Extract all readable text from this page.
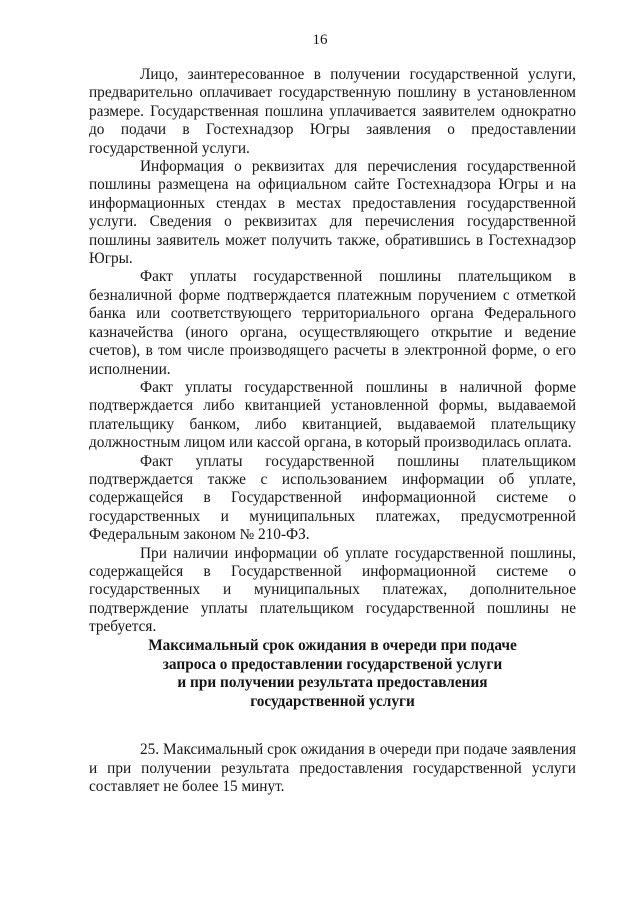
16

Лицо, заинтересованное в получении государственной услуги, предварительно оплачивает государственную пошлину в установленном размере. Государственная пошлина уплачивается заявителем однократно до подачи в Гостехнадзор Югры заявления о предоставлении государственной услуги.

Информация о реквизитах для перечисления государственной пошлины размещена на официальном сайте Гостехнадзора Югры и на информационных стендах в местах предоставления государственной услуги. Сведения о реквизитах для перечисления государственной пошлины заявитель может получить также, обратившись в Гостехнадзор Югры.

Факт уплаты государственной пошлины плательщиком в безналичной форме подтверждается платежным поручением с отметкой банка или соответствующего территориального органа Федерального казначейства (иного органа, осуществляющего открытие и ведение счетов), в том числе производящего расчеты в электронной форме, о его исполнении.

Факт уплаты государственной пошлины в наличной форме подтверждается либо квитанцией установленной формы, выдаваемой плательщику банком, либо квитанцией, выдаваемой плательщику должностным лицом или кассой органа, в который производилась оплата.

Факт уплаты государственной пошлины плательщиком подтверждается также с использованием информации об уплате, содержащейся в Государственной информационной системе о государственных и муниципальных платежах, предусмотренной Федеральным законом № 210-ФЗ.

При наличии информации об уплате государственной пошлины, содержащейся в Государственной информационной системе о государственных и муниципальных платежах, дополнительное подтверждение уплаты плательщиком государственной пошлины не требуется.

Максимальный срок ожидания в очереди при подаче
запроса о предоставлении государственой услуги
и при получении результата предоставления
государственной услуги

25. Максимальный срок ожидания в очереди при подаче заявления и при получении результата предоставления государственной услуги составляет не более 15 минут.
